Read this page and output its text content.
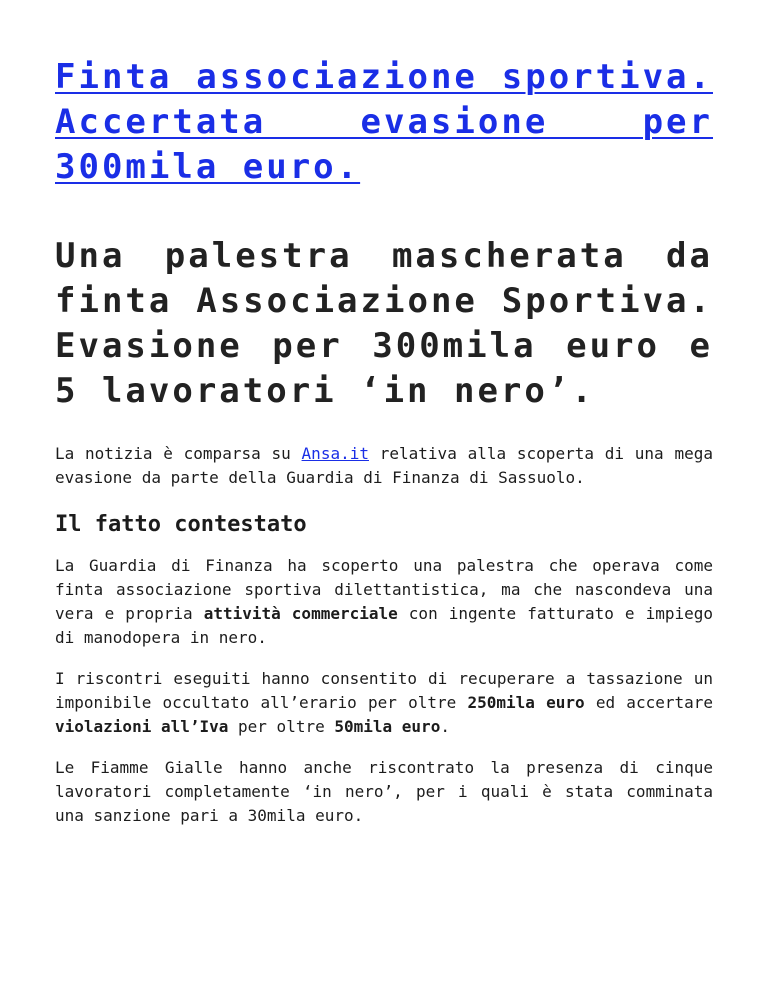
Finta associazione sportiva. Accertata evasione per 300mila euro.
Una palestra mascherata da finta Associazione Sportiva. Evasione per 300mila euro e 5 lavoratori ‘in nero’.

La notizia è comparsa su Ansa.it relativa alla scoperta di una mega evasione da parte della Guardia di Finanza di Sassuolo.

Il fatto contestato

La Guardia di Finanza ha scoperto una palestra che operava come finta associazione sportiva dilettantistica, ma che nascondeva una vera e propria attività commerciale con ingente fatturato e impiego di manodopera in nero.

I riscontri eseguiti hanno consentito di recuperare a tassazione un imponibile occultato all’erario per oltre 250mila euro ed accertare violazioni all’Iva per oltre 50mila euro.

Le Fiamme Gialle hanno anche riscontrato la presenza di cinque lavoratori completamente ‘in nero’, per i quali è stata comminata una sanzione pari a 30mila euro.
